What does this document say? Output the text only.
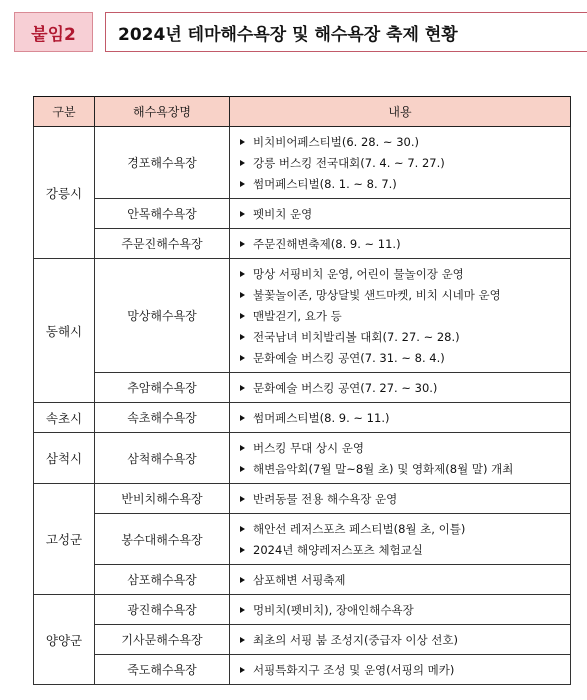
붙임2	2024년 테마해수욕장 및 해수욕장 축제 현황
구분	해수욕장명	내용
강릉시	경포해수욕장	비치비어페스티벌(6. 28. ~ 30.)
강릉 버스킹 전국대회(7. 4. ~ 7. 27.)
썸머페스티벌(8. 1. ~ 8. 7.)

	안목해수욕장	펫비치 운영

	주문진해수욕장	주문진해변축제(8. 9. ~ 11.)

동해시	망상해수욕장	망상 서핑비치 운영, 어린이 물놀이장 운영
불꽃놀이존, 망상달빛 샌드마켓, 비치 시네마 운영
맨발걷기, 요가 등
전국남녀 비치발리볼 대회(7. 27. ~ 28.)
문화예술 버스킹 공연(7. 31. ~ 8. 4.)

	추암해수욕장	문화예술 버스킹 공연(7. 27. ~ 30.)

속초시	속초해수욕장	썸머페스티벌(8. 9. ~ 11.)

삼척시	삼척해수욕장	버스킹 무대 상시 운영
해변음악회(7월 말~8월 초) 및 영화제(8월 말) 개최

고성군	반비치해수욕장	반려동물 전용 해수욕장 운영

	봉수대해수욕장	해안선 레저스포츠 페스티벌(8월 초, 이틀)
2024년 해양레저스포츠 체험교실

	삼포해수욕장	삼포해변 서핑축제

양양군	광진해수욕장	멍비치(펫비치), 장애인해수욕장

	기사문해수욕장	최초의 서핑 붐 조성지(중급자 이상 선호)

	죽도해수욕장	서핑특화지구 조성 및 운영(서핑의 메카)
